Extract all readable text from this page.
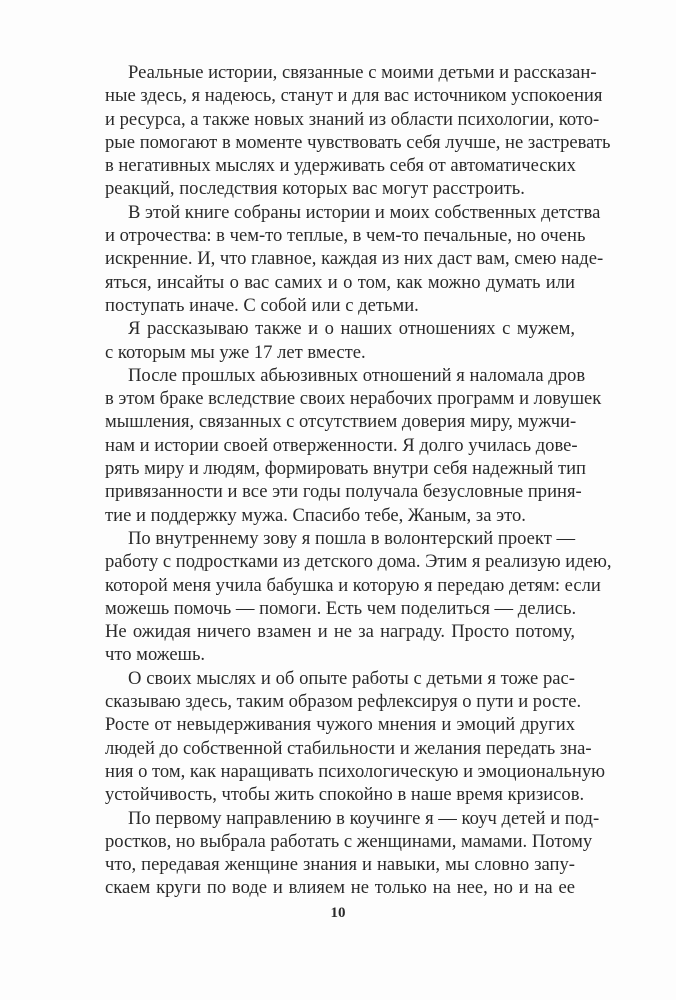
Реальные истории, связанные с моими детьми и рассказан-
ные здесь, я надеюсь, станут и для вас источником успокоения
и ресурса, а также новых знаний из области психологии, кото-
рые помогают в моменте чувствовать себя лучше, не застревать
в негативных мыслях и удерживать себя от автоматических
реакций, последствия которых вас могут расстроить.
В этой книге собраны истории и моих собственных детства
и отрочества: в чем-то теплые, в чем-то печальные, но очень
искренние. И, что главное, каждая из них даст вам, смею наде-
яться, инсайты о вас самих и о том, как можно думать или
поступать иначе. С собой или с детьми.
Я рассказываю также и о наших отношениях с мужем,
с которым мы уже 17 лет вместе.
После прошлых абьюзивных отношений я наломала дров
в этом браке вследствие своих нерабочих программ и ловушек
мышления, связанных с отсутствием доверия миру, мужчи-
нам и истории своей отверженности. Я долго училась дове-
рять миру и людям, формировать внутри себя надежный тип
привязанности и все эти годы получала безусловные приня-
тие и поддержку мужа. Спасибо тебе, Жаным, за это.
По внутреннему зову я пошла в волонтерский проект —
работу с подростками из детского дома. Этим я реализую идею,
которой меня учила бабушка и которую я передаю детям: если
можешь помочь — помоги. Есть чем поделиться — делись.
Не ожидая ничего взамен и не за награду. Просто потому,
что можешь.
О своих мыслях и об опыте работы с детьми я тоже рас-
сказываю здесь, таким образом рефлексируя о пути и росте.
Росте от невыдерживания чужого мнения и эмоций других
людей до собственной стабильности и желания передать зна-
ния о том, как наращивать психологическую и эмоциональную
устойчивость, чтобы жить спокойно в наше время кризисов.
По первому направлению в коучинге я — коуч детей и под-
ростков, но выбрала работать с женщинами, мамами. Потому
что, передавая женщине знания и навыки, мы словно запу-
скаем круги по воде и влияем не только на нее, но и на ее
10
